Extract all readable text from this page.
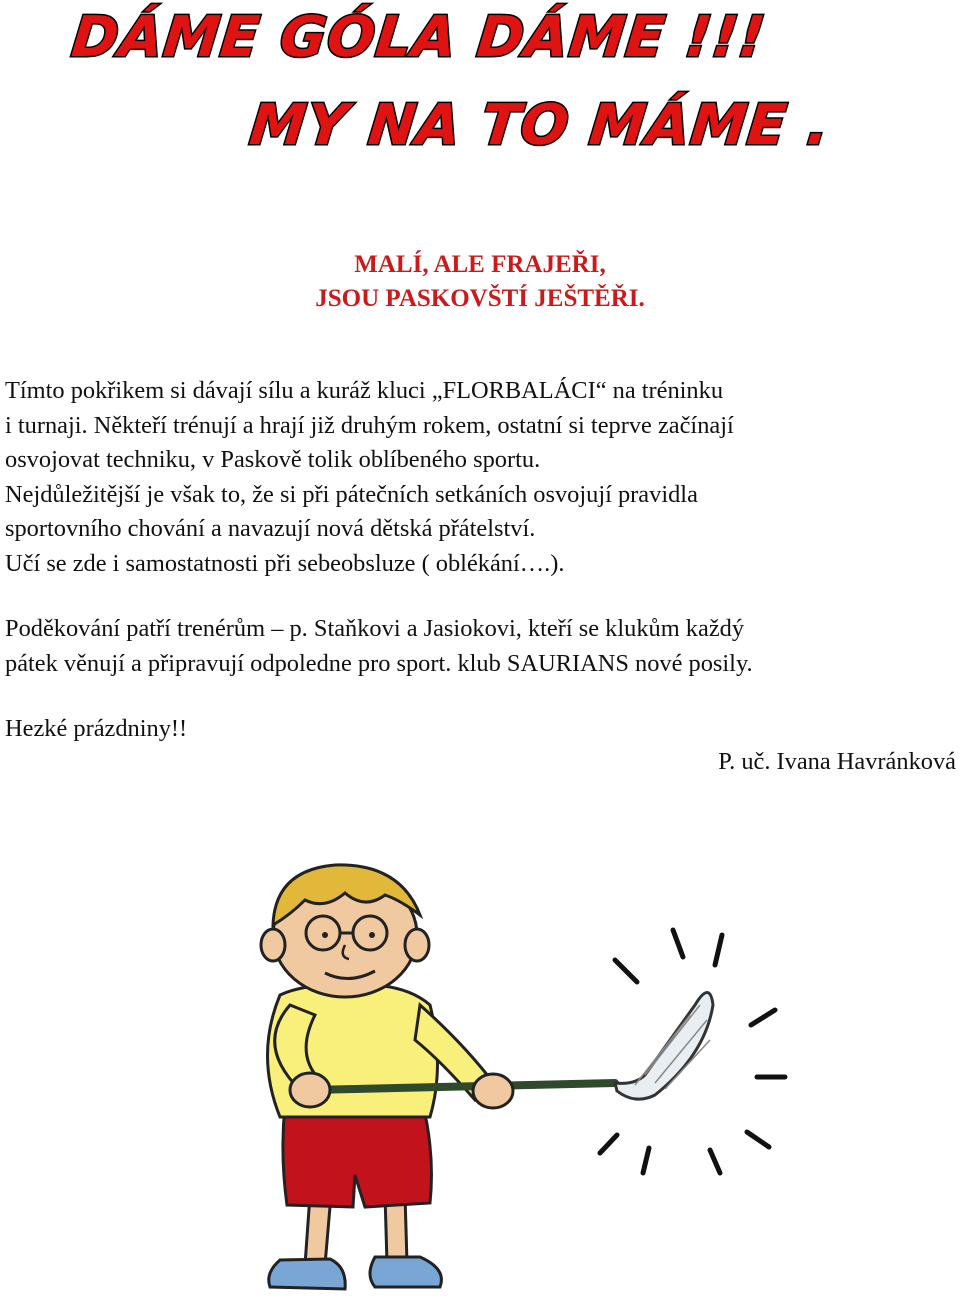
DÁME GÓLA DÁME !!!
MY NA TO MÁME .
MALÍ, ALE FRAJEŘI,
JSOU PASKOVŠTÍ JEŠTĚŘI.
Tímto pokřikem si dávají sílu a kuráž kluci „FLORBALÁCI“ na tréninku
i turnaji. Někteří trénují a hrají již druhým rokem, ostatní si teprve začínají
osvojovat techniku, v Paskově tolik oblíbeného sportu.
Nejdůležitější je však to, že si při pátečních setkáních osvojují pravidla
sportovního chování a navazují nová dětská přátelství.
Učí se zde i samostatnosti při sebeobsluze ( oblékání….).
Poděkování patří trenérům – p. Staňkovi a Jasiokovi, kteří se klukům každý
pátek věnují a připravují odpoledne pro sport. klub SAURIANS nové posily.
Hezké prázdniny!!
P. uč. Ivana Havránková
